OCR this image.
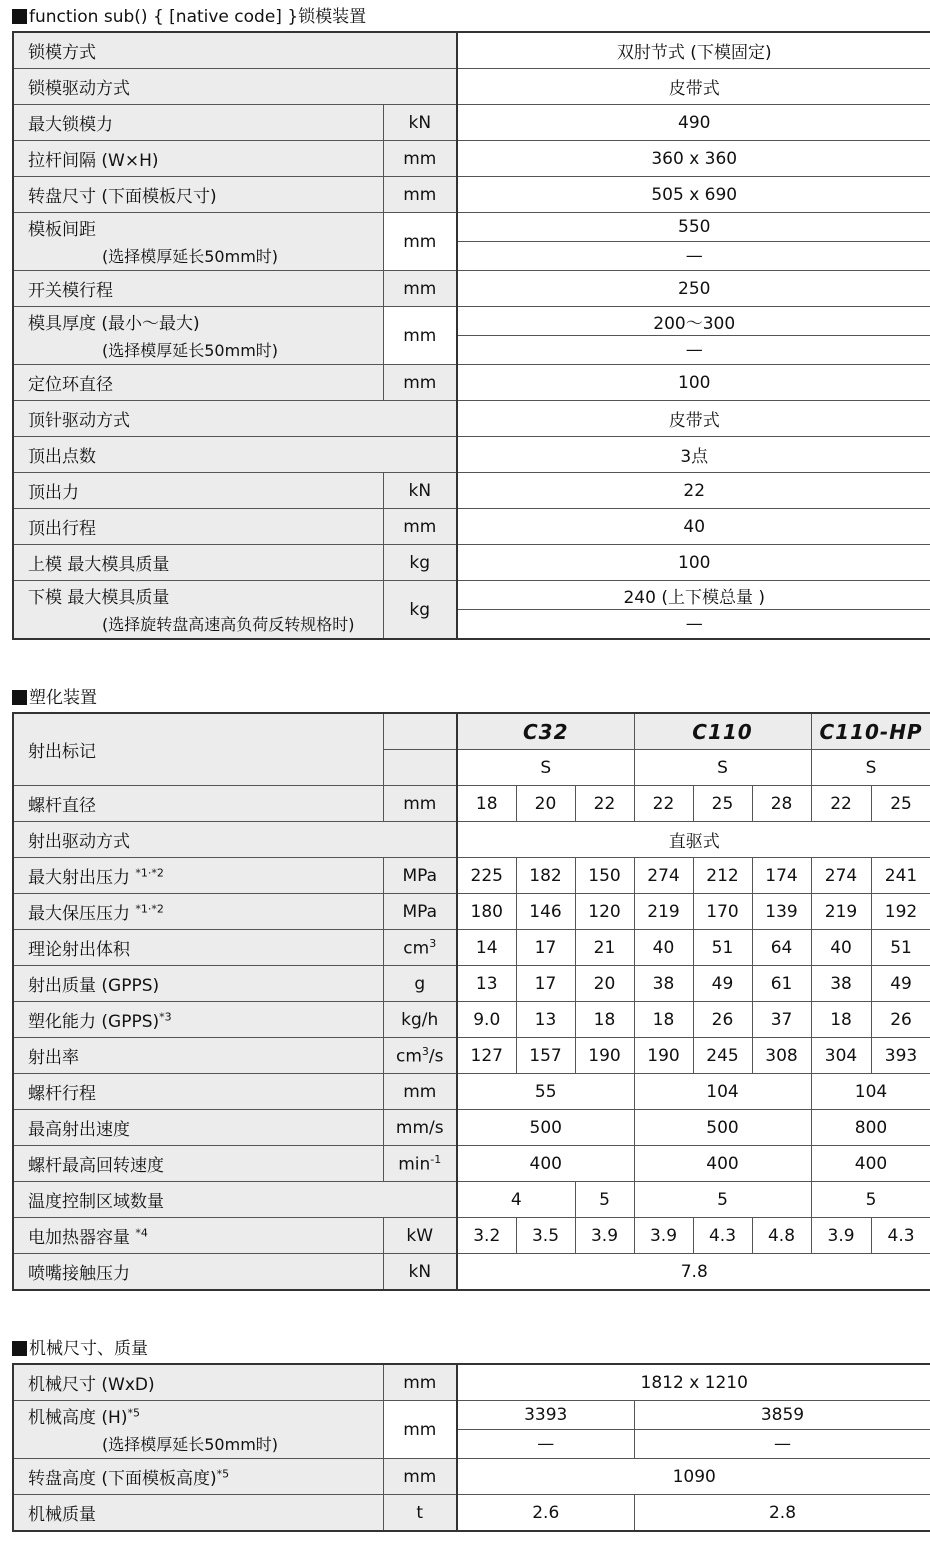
function sub() { [native code] }锁模装置
锁模方式		双肘节式 (下模固定)
锁模驱动方式		皮带式
最大锁模力	kN	490
拉杆间隔 (W×H)	mm	360 x 360
转盘尺寸 (下面模板尺寸)	mm	505 x 690
模板间距	mm	550
(选择模厚延长50mm时)		—
开关模行程	mm	250
模具厚度 (最小～最大)	mm	200～300
(选择模厚延长50mm时)		—
定位环直径	mm	100
顶针驱动方式		皮带式
顶出点数		3点
顶出力	kN	22
顶出行程	mm	40
上模 最大模具质量	kg	100
下模 最大模具质量	kg	240 (上下模总量 )
(选择旋转盘高速高负荷反转规格时)		—
塑化装置
射出标记		C32			C110			C110-HP	
		S			S			S	
螺杆直径	mm	18	20	22	22	25	28	22	25
射出驱动方式		直驱式							
最大射出压力 $^{*1\cdot*2}$	MPa	225	182	150	274	212	174	274	241
最大保压压力 $^{*1\cdot*2}$	MPa	180	146	120	219	170	139	219	192
理论射出体积	$cm^3$	14	17	21	40	51	64	40	51
射出质量 (GPPS)	g	13	17	20	38	49	61	38	49
塑化能力 (GPPS)$^{*3}$	kg/h	9.0	13	18	18	26	37	18	26
射出率	$cm^3/s$	127	157	190	190	245	308	304	393
螺杆行程	mm	55			104			104	
最高射出速度	mm/s	500			500			800	
螺杆最高回转速度	$\min^{-1}$	400			400			400	
温度控制区域数量		4		5	5			5	
电加热器容量 $^{*4}$	kW	3.2	3.5	3.9	3.9	4.3	4.8	3.9	4.3
喷嘴接触压力	kN	7.8							
机械尺寸、质量
机械尺寸 (WxD)	mm	1812 x 1210	
机械高度 $(H)^{*5}$	mm	3393	3859
(选择模厚延长50mm时)		—	—
转盘高度 (下面模板高度)$^{*5}$	mm	1090	
机械质量	t	2.6	2.8
